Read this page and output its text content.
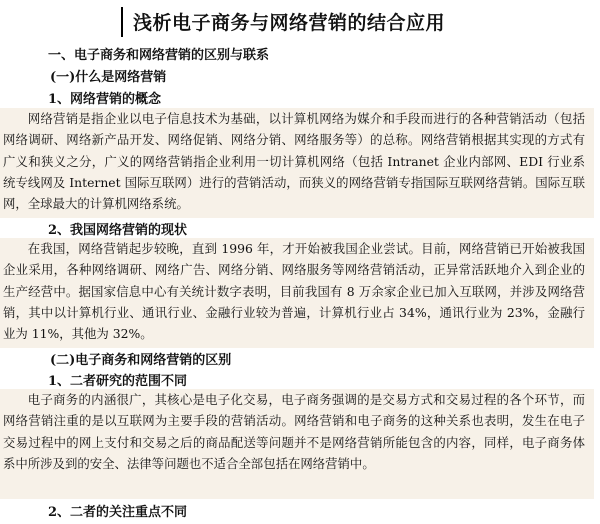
浅析电子商务与网络营销的结合应用
一、电子商务和网络营销的区别与联系
(一)什么是网络营销
1、网络营销的概念
网络营销是指企业以电子信息技术为基础，以计算机网络为媒介和手段而进行的各种营销活动（包括网络调研、网络新产品开发、网络促销、网络分销、网络服务等）的总称。网络营销根据其实现的方式有广义和狭义之分，广义的网络营销指企业利用一切计算机网络（包括 Intranet 企业内部网、EDI 行业系统专线网及 Internet 国际互联网）进行的营销活动，而狭义的网络营销专指国际互联网络营销。国际互联网，全球最大的计算机网络系统。
2、我国网络营销的现状
在我国，网络营销起步较晚，直到 1996 年，才开始被我国企业尝试。目前，网络营销已开始被我国企业采用，各种网络调研、网络广告、网络分销、网络服务等网络营销活动，正异常活跃地介入到企业的生产经营中。据国家信息中心有关统计数字表明，目前我国有 8 万余家企业已加入互联网，并涉及网络营销，其中以计算机行业、通讯行业、金融行业较为普遍，计算机行业占 34%，通讯行业为 23%，金融行业为 11%，其他为 32%。
(二)电子商务和网络营销的区别
1、二者研究的范围不同
电子商务的内涵很广，其核心是电子化交易，电子商务强调的是交易方式和交易过程的各个环节，而网络营销注重的是以互联网为主要手段的营销活动。网络营销和电子商务的这种关系也表明，发生在电子交易过程中的网上支付和交易之后的商品配送等问题并不是网络营销所能包含的内容，同样，电子商务体系中所涉及到的安全、法律等问题也不适合全部包括在网络营销中。
2、二者的关注重点不同
